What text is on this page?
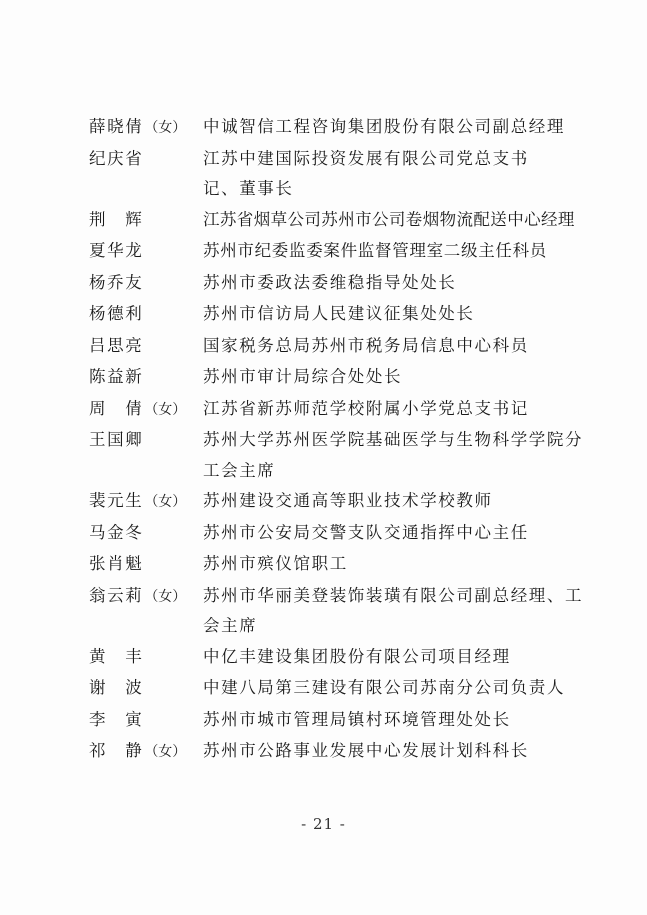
薛晓倩（女）	中诚智信工程咨询集团股份有限公司副总经理
纪庆省	江苏中建国际投资发展有限公司党总支书记、董事长
荆　辉	江苏省烟草公司苏州市公司卷烟物流配送中心经理
夏华龙	苏州市纪委监委案件监督管理室二级主任科员
杨乔友	苏州市委政法委维稳指导处处长
杨德利	苏州市信访局人民建议征集处处长
吕思亮	国家税务总局苏州市税务局信息中心科员
陈益新	苏州市审计局综合处处长
周　倩（女）	江苏省新苏师范学校附属小学党总支书记
王国卿	苏州大学苏州医学院基础医学与生物科学学院分工会主席
裴元生（女）	苏州建设交通高等职业技术学校教师
马金冬	苏州市公安局交警支队交通指挥中心主任
张肖魁	苏州市殡仪馆职工
翁云莉（女）	苏州市华丽美登装饰装璜有限公司副总经理、工会主席
黄　丰	中亿丰建设集团股份有限公司项目经理
谢　波	中建八局第三建设有限公司苏南分公司负责人
李　寅	苏州市城市管理局镇村环境管理处处长
祁　静（女）	苏州市公路事业发展中心发展计划科科长
- 21 -
